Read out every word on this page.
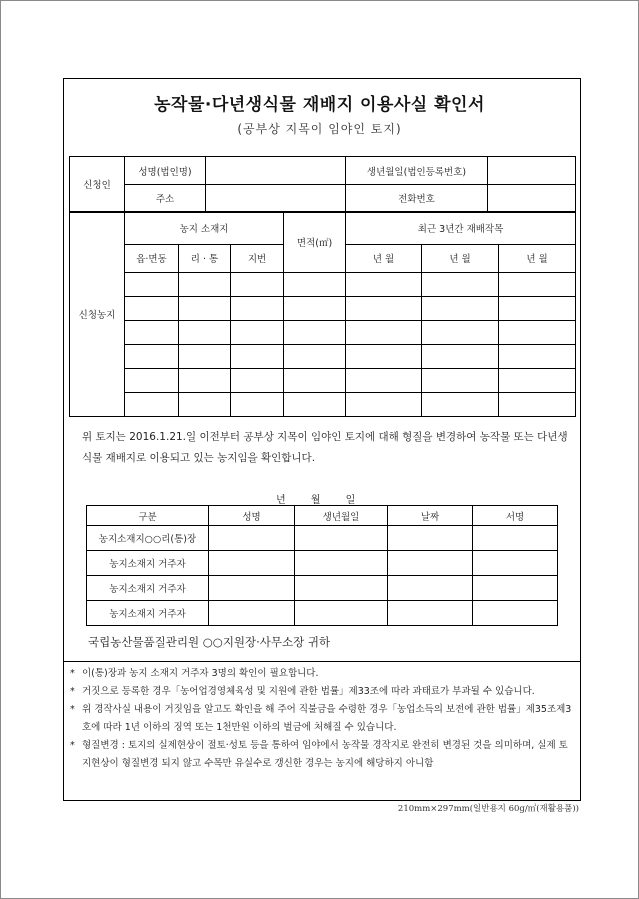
농작물·다년생식물 재배지 이용사실 확인서
(공부상 지목이 임야인 토지)
신청인	성명(법인명)		생년월일(법인등록번호)	
	주소		전화번호	
신청농지	농지 소재지			면적(㎡)	최근 3년간 재배작목		
	읍·면동	리 · 통	지번		년 월	년 월	년 월

위 토지는 2016.1.21.일 이전부터 공부상 지목이 임야인 토지에 대해 형질을 변경하여 농작물 또는 다년생식물 재배지로 이용되고 있는 농지임을 확인합니다.
년 월 일
구분	성명	생년월일	날짜	서명
농지소재지○○리(통)장				
농지소재지 거주자				
농지소재지 거주자				
농지소재지 거주자				
국립농산물품질관리원 ○○지원장·사무소장 귀하
* 이(통)장과 농지 소재지 거주자 3명의 확인이 필요합니다.
* 거짓으로 등록한 경우「농어업경영체육성 및 지원에 관한 법률」제33조에 따라 과태료가 부과될 수 있습니다.
* 위 경작사실 내용이 거짓임을 알고도 확인을 해 주어 직불금을 수령한 경우「농업소득의 보전에 관한 법률」제35조제3호에 따라 1년 이하의 징역 또는 1천만원 이하의 벌금에 처해질 수 있습니다.
* 형질변경 : 토지의 실제현상이 절토·성토 등을 통하여 임야에서 농작물 경작지로 완전히 변경된 것을 의미하며, 실제 토지현상이 형질변경 되지 않고 수목만 유실수로 갱신한 경우는 농지에 해당하지 아니함
210mm×297mm(일반용지 60g/㎡(재활용품))
